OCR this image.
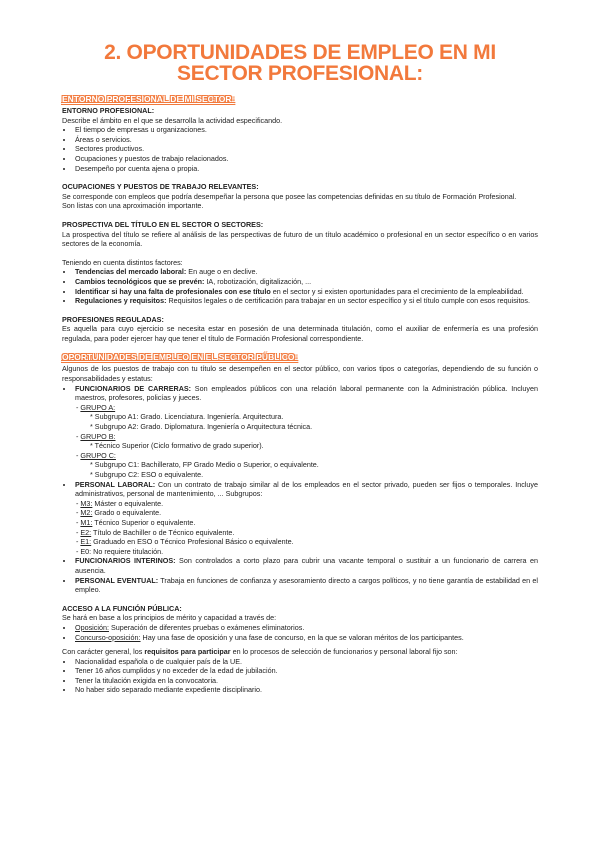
2. OPORTUNIDADES DE EMPLEO EN MI
SECTOR PROFESIONAL:
ENTORNO PROFESIONAL DE MI SECTOR:
ENTORNO PROFESIONAL:

Describe el ámbito en el que se desarrolla la actividad especificando.

• El tiempo de empresas u organizaciones.
• Áreas o servicios.
• Sectores productivos.
• Ocupaciones y puestos de trabajo relacionados.
• Desempeño por cuenta ajena o propia.
OCUPACIONES Y PUESTOS DE TRABAJO RELEVANTES:

Se corresponde con empleos que podría desempeñar la persona que posee las competencias definidas en su título de Formación Profesional.

Son listas con una aproximación importante.

PROSPECTIVA DEL TÍTULO EN EL SECTOR O SECTORES:

La prospectiva del título se refiere al análisis de las perspectivas de futuro de un título académico o profesional en un sector específico o en varios sectores de la economía.

Teniendo en cuenta distintos factores:

• Tendencias del mercado laboral: En auge o en declive.
• Cambios tecnológicos que se prevén: IA, robotización, digitalización, ...
• Identificar si hay una falta de profesionales con ese título en el sector y si existen oportunidades para el crecimiento de la empleabilidad.
• Regulaciones y requisitos: Requisitos legales o de certificación para trabajar en un sector específico y si el título cumple con esos requisitos.
PROFESIONES REGULADAS:

Es aquella para cuyo ejercicio se necesita estar en posesión de una determinada titulación, como el auxiliar de enfermería es una profesión regulada, para poder ejercer hay que tener el título de Formación Profesional correspondiente.

OPORTUNIDADES DE EMPLEO EN EL SECTOR PÚBLICO:

Algunos de los puestos de trabajo con tu título se desempeñen en el sector público, con varios tipos o categorías, dependiendo de su función o responsabilidades y estatus:

• FUNCIONARIOS DE CARRERAS: Son empleados públicos con una relación laboral permanente con la Administración pública. Incluyen maestros, profesores, policías y jueces.

- GRUPO A:

* Subgrupo A1: Grado. Licenciatura. Ingeniería. Arquitectura.

* Subgrupo A2: Grado. Diplomatura. Ingeniería o Arquitectura técnica.

- GRUPO B:

* Técnico Superior (Ciclo formativo de grado superior).

- GRUPO C:

* Subgrupo C1: Bachillerato, FP Grado Medio o Superior, o equivalente.

* Subgrupo C2: ESO o equivalente.

• PERSONAL LABORAL: Con un contrato de trabajo similar al de los empleados en el sector privado, pueden ser fijos o temporales. Incluye administrativos, personal de mantenimiento, ... Subgrupos:

- M3: Máster o equivalente.

- M2: Grado o equivalente.

- M1: Técnico Superior o equivalente.

- E2: Título de Bachiller o de Técnico equivalente.

- E1: Graduado en ESO o Técnico Profesional Básico o equivalente.

- E0: No requiere titulación.

• FUNCIONARIOS INTERINOS: Son controlados a corto plazo para cubrir una vacante temporal o sustituir a un funcionario de carrera en ausencia.
• PERSONAL EVENTUAL: Trabaja en funciones de confianza y asesoramiento directo a cargos políticos, y no tiene garantía de estabilidad en el empleo.
ACCESO A LA FUNCIÓN PÚBLICA:

Se hará en base a los principios de mérito y capacidad a través de:

• Oposición: Superación de diferentes pruebas o exámenes eliminatorios.
• Concurso-oposición: Hay una fase de oposición y una fase de concurso, en la que se valoran méritos de los participantes.

Con carácter general, los requisitos para participar en lo procesos de selección de funcionarios y personal laboral fijo son:

• Nacionalidad española o de cualquier país de la UE.
• Tener 16 años cumplidos y no exceder de la edad de jubilación.
• Tener la titulación exigida en la convocatoria.
• No haber sido separado mediante expediente disciplinario.
